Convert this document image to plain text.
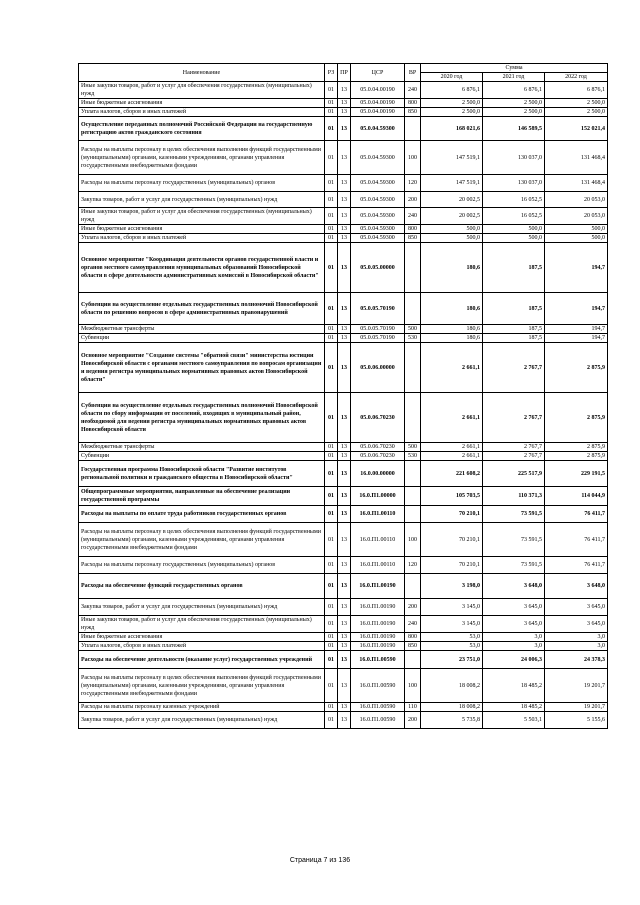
Наименование	РЗ	ПР	ЦСР	ВР	Сумма		
					2020 год	2021 год	2022 год
Иные закупки товаров, работ и услуг для обеспечения государственных (муниципальных) нужд	01	13	05.0.04.00190	240	6 876,1	6 876,1	6 876,1
Иные бюджетные ассигнования	01	13	05.0.04.00190	800	2 500,0	2 500,0	2 500,0
Уплата налогов, сборов и иных платежей	01	13	05.0.04.00190	850	2 500,0	2 500,0	2 500,0
Осуществление переданных полномочий Российской Федерации на государственную регистрацию актов гражданского состояния	01	13	05.0.04.59300		168 021,6	146 589,5	152 021,4
Расходы на выплаты персоналу в целях обеспечения выполнения функций государственными (муниципальными) органами, казенными учреждениями, органами управления государственными внебюджетными фондами	01	13	05.0.04.59300	100	147 519,1	130 037,0	131 468,4
Расходы на выплаты персоналу государственных (муниципальных) органов	01	13	05.0.04.59300	120	147 519,1	130 037,0	131 468,4
Закупка товаров, работ и услуг для государственных (муниципальных) нужд	01	13	05.0.04.59300	200	20 002,5	16 052,5	20 053,0
Иные закупки товаров, работ и услуг для обеспечения государственных (муниципальных) нужд	01	13	05.0.04.59300	240	20 002,5	16 052,5	20 053,0
Иные бюджетные ассигнования	01	13	05.0.04.59300	800	500,0	500,0	500,0
Уплата налогов, сборов и иных платежей	01	13	05.0.04.59300	850	500,0	500,0	500,0
Основное мероприятие "Координация деятельности органов государственной власти и органов местного самоуправления муниципальных образований Новосибирской области в сфере деятельности административных комиссий в Новосибирской области"	01	13	05.0.05.00000		180,6	187,5	194,7
Субвенции на осуществление отдельных государственных полномочий Новосибирской области по решению вопросов в сфере административных правонарушений	01	13	05.0.05.70190		180,6	187,5	194,7
Межбюджетные трансферты	01	13	05.0.05.70190	500	180,6	187,5	194,7
Субвенции	01	13	05.0.05.70190	530	180,6	187,5	194,7
Основное мероприятие "Создание системы "обратной связи" министерства юстиции Новосибирской области с органами местного самоуправления по вопросам организации и ведения регистра муниципальных нормативных правовых актов Новосибирской области"	01	13	05.0.06.00000		2 661,1	2 767,7	2 875,9
Субвенции на осуществление отдельных государственных полномочий Новосибирской области по сбору информации от поселений, входящих в муниципальный район, необходимой для ведения регистра муниципальных нормативных правовых актов Новосибирской области	01	13	05.0.06.70230		2 661,1	2 767,7	2 875,9
Межбюджетные трансферты	01	13	05.0.06.70230	500	2 661,1	2 767,7	2 875,9
Субвенции	01	13	05.0.06.70230	530	2 661,1	2 767,7	2 875,9
Государственная программа Новосибирской области "Развитие институтов региональной политики и гражданского общества в Новосибирской области"	01	13	16.0.00.00000		221 608,2	225 517,9	229 191,5
Общепрограммные мероприятия, направленные на обеспечение реализации государственной программы	01	13	16.0.П1.00000		105 703,5	110 371,3	114 044,9
Расходы на выплаты по оплате труда работников государственных органов	01	13	16.0.П1.00110		70 210,1	73 591,5	76 411,7
Расходы на выплаты персоналу в целях обеспечения выполнения функций государственными (муниципальными) органами, казенными учреждениями, органами управления государственными внебюджетными фондами	01	13	16.0.П1.00110	100	70 210,1	73 591,5	76 411,7
Расходы на выплаты персоналу государственных (муниципальных) органов	01	13	16.0.П1.00110	120	70 210,1	73 591,5	76 411,7
Расходы на обеспечение функций государственных органов	01	13	16.0.П1.00190		3 198,0	3 648,0	3 648,0
Закупка товаров, работ и услуг для государственных (муниципальных) нужд	01	13	16.0.П1.00190	200	3 145,0	3 645,0	3 645,0
Иные закупки товаров, работ и услуг для обеспечения государственных (муниципальных) нужд	01	13	16.0.П1.00190	240	3 145,0	3 645,0	3 645,0
Иные бюджетные ассигнования	01	13	16.0.П1.00190	800	53,0	3,0	3,0
Уплата налогов, сборов и иных платежей	01	13	16.0.П1.00190	850	53,0	3,0	3,0
Расходы на обеспечение деятельности (оказание услуг) государственных учреждений	01	13	16.0.П1.00590		23 751,0	24 006,3	24 378,3
Расходы на выплаты персоналу в целях обеспечения выполнения функций государственными (муниципальными) органами, казенными учреждениями, органами управления государственными внебюджетными фондами	01	13	16.0.П1.00590	100	18 008,2	18 485,2	19 201,7
Расходы на выплаты персоналу казенных учреждений	01	13	16.0.П1.00590	110	18 008,2	18 485,2	19 201,7
Закупка товаров, работ и услуг для государственных (муниципальных) нужд	01	13	16.0.П1.00590	200	5 735,8	5 503,1	5 155,6
Страница 7 из 136
